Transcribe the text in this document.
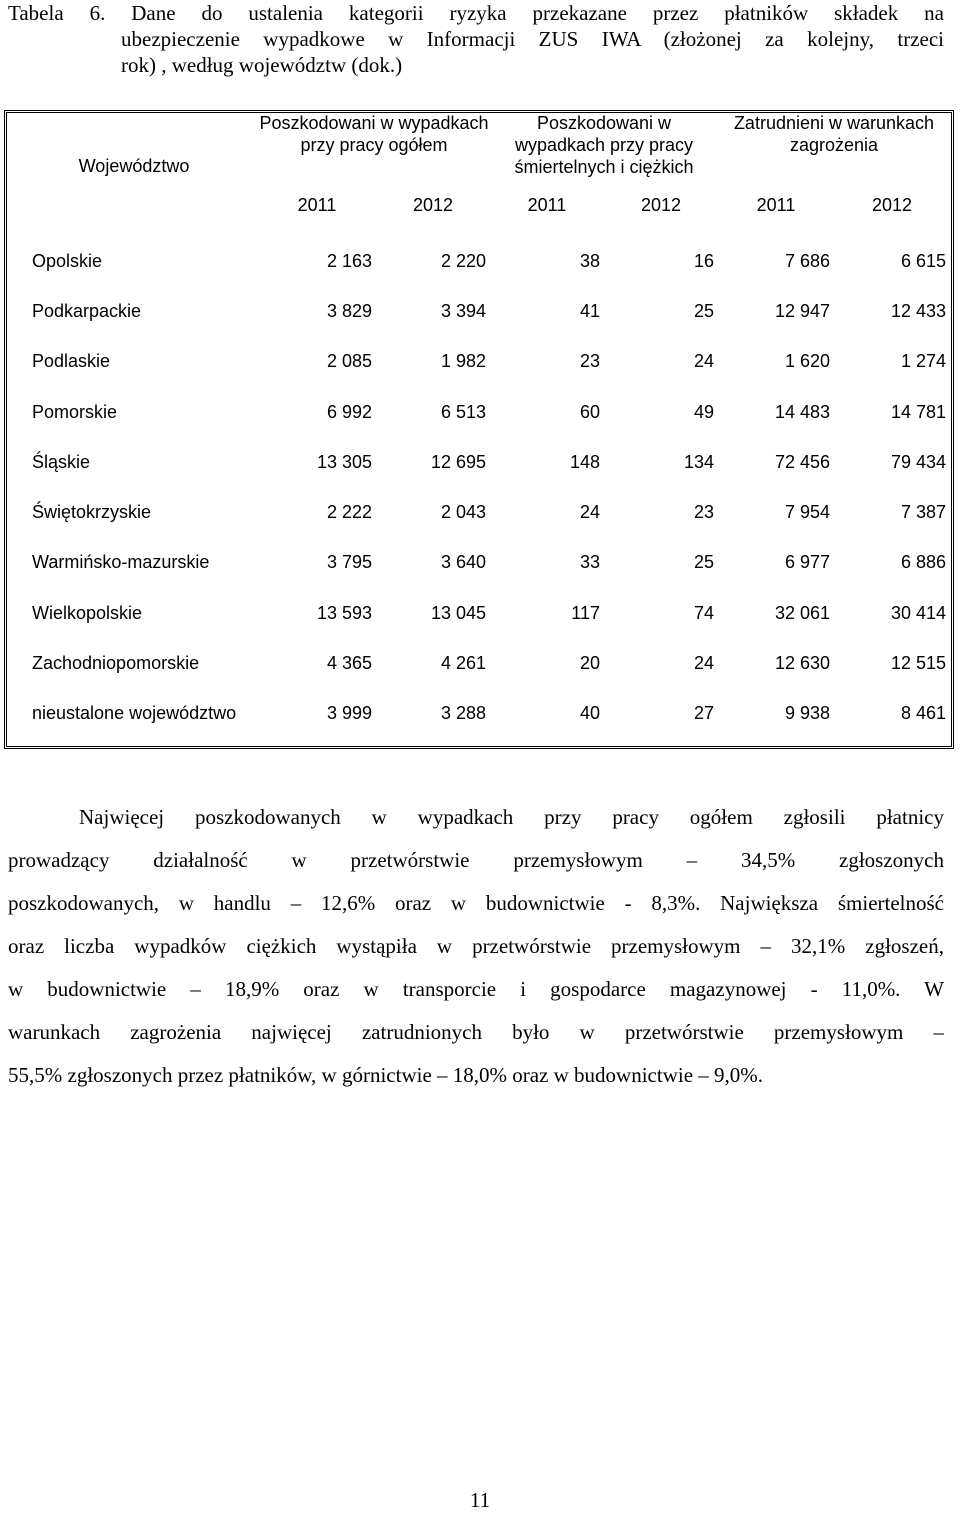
Tabela 6. Dane do ustalenia kategorii ryzyka przekazane przez płatników składek na
ubezpieczenie wypadkowe w Informacji ZUS IWA (złożonej za kolejny, trzeci
rok) , według województw (dok.)
Województwo	Poszkodowani w wypadkach przy pracy ogółem		Poszkodowani w wypadkach przy pracy śmiertelnych i ciężkich		Zatrudnieni w warunkach zagrożenia	
	2011	2012	2011	2012	2011	2012

Opolskie	2 163	2 220	38	16	7 686	6 615
Podkarpackie	3 829	3 394	41	25	12 947	12 433
Podlaskie	2 085	1 982	23	24	1 620	1 274
Pomorskie	6 992	6 513	60	49	14 483	14 781
Śląskie	13 305	12 695	148	134	72 456	79 434
Świętokrzyskie	2 222	2 043	24	23	7 954	7 387
Warmińsko-mazurskie	3 795	3 640	33	25	6 977	6 886
Wielkopolskie	13 593	13 045	117	74	32 061	30 414
Zachodniopomorskie	4 365	4 261	20	24	12 630	12 515
nieustalone województwo	3 999	3 288	40	27	9 938	8 461
Najwięcej poszkodowanych w wypadkach przy pracy ogółem zgłosili płatnicy
prowadzący działalność w przetwórstwie przemysłowym – 34,5% zgłoszonych
poszkodowanych, w handlu – 12,6% oraz w budownictwie - 8,3%. Największa śmiertelność
oraz liczba wypadków ciężkich wystąpiła w przetwórstwie przemysłowym – 32,1% zgłoszeń,
w budownictwie – 18,9% oraz w transporcie i gospodarce magazynowej - 11,0%. W
warunkach zagrożenia najwięcej zatrudnionych było w przetwórstwie przemysłowym –
55,5% zgłoszonych przez płatników, w górnictwie – 18,0% oraz w budownictwie – 9,0%.
11
